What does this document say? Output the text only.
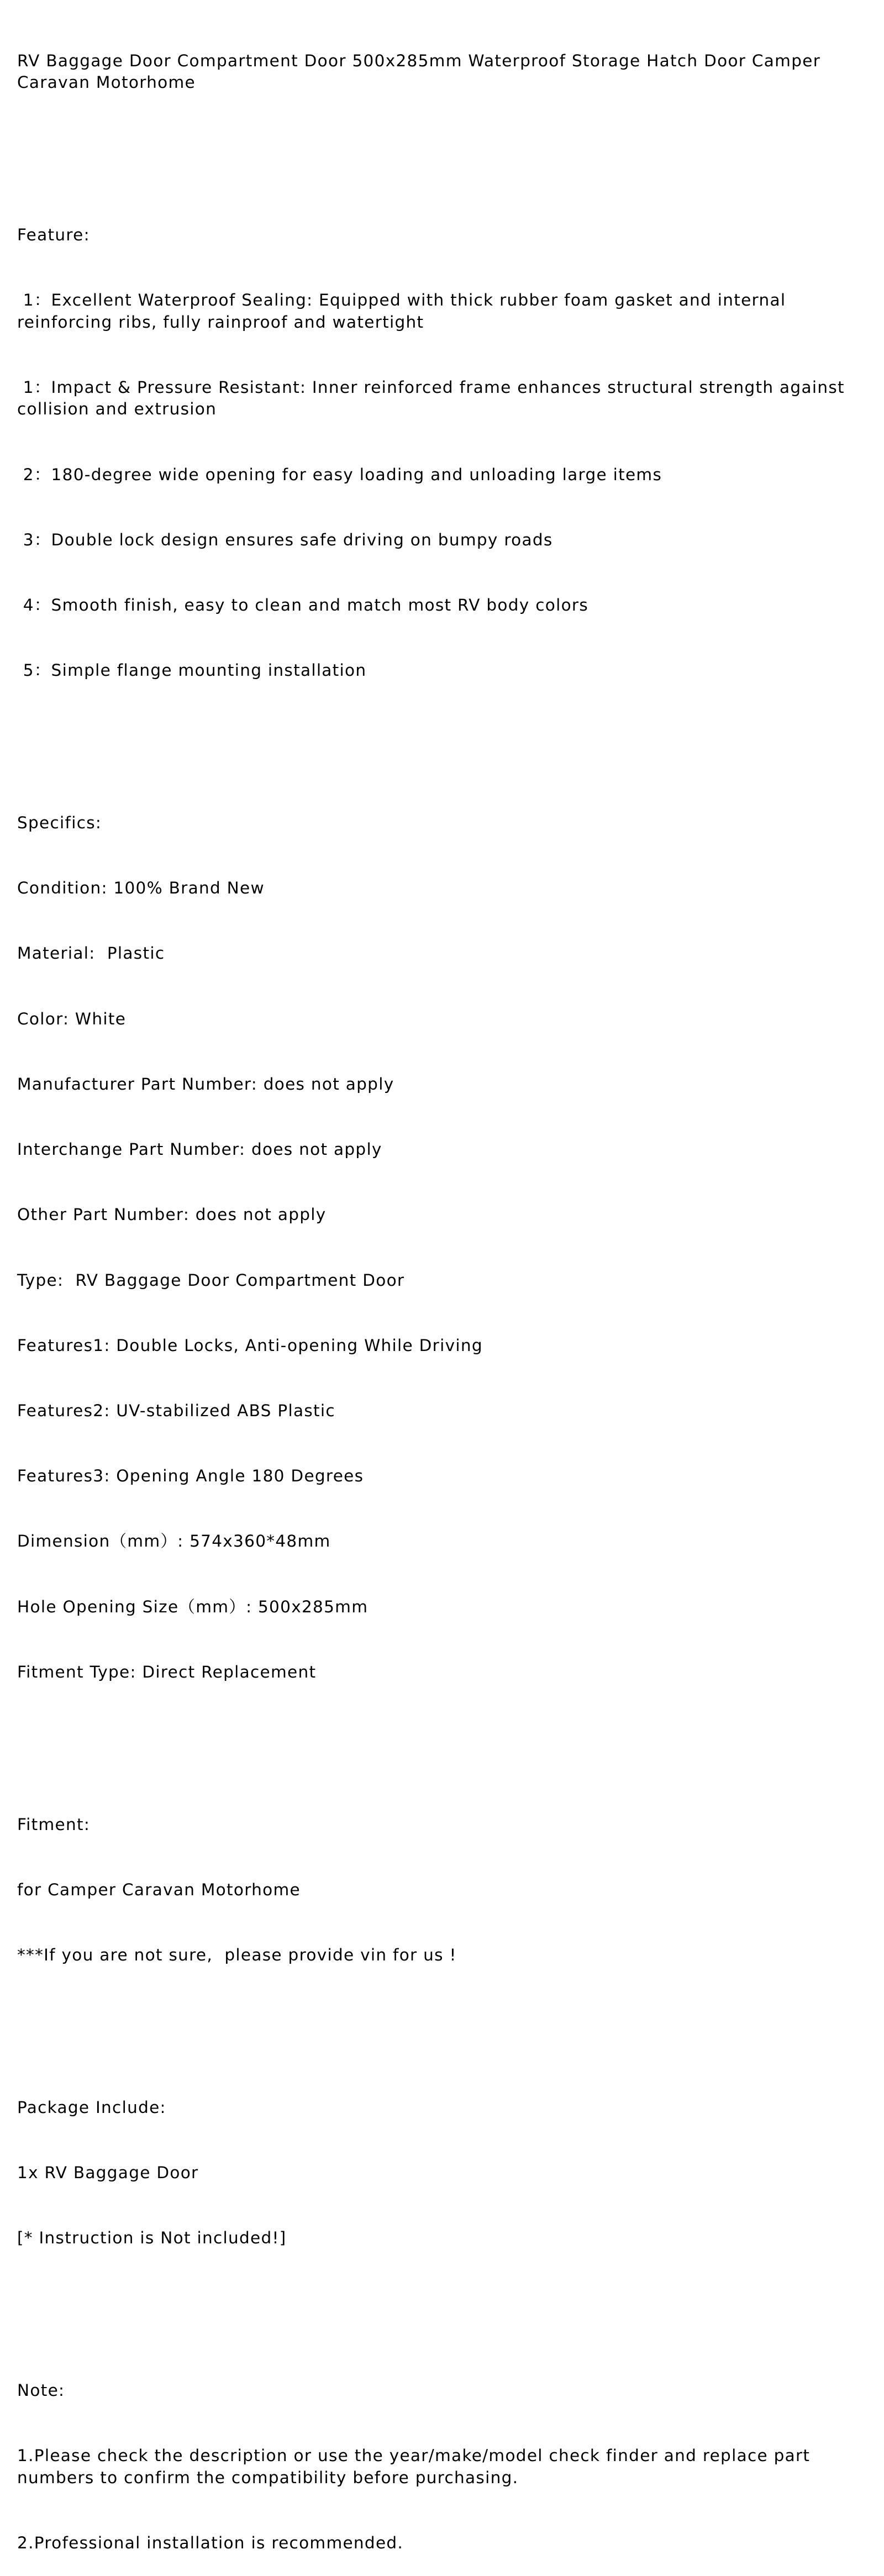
RV Baggage Door Compartment Door 500x285mm Waterproof Storage Hatch Door Camper Caravan Motorhome

Feature:

1：Excellent Waterproof Sealing: Equipped with thick rubber foam gasket and internal reinforcing ribs, fully rainproof and watertight

1：Impact & Pressure Resistant: Inner reinforced frame enhances structural strength against collision and extrusion

2：180-degree wide opening for easy loading and unloading large items

3：Double lock design ensures safe driving on bumpy roads

4：Smooth finish, easy to clean and match most RV body colors

5：Simple flange mounting installation

Specifics:

Condition: 100% Brand New

Material:  Plastic

Color: White

Manufacturer Part Number: does not apply

Interchange Part Number: does not apply

Other Part Number: does not apply

Type:  RV Baggage Door Compartment Door

Features1: Double Locks, Anti-opening While Driving

Features2: UV-stabilized ABS Plastic

Features3: Opening Angle 180 Degrees

Dimension（mm）: 574x360*48mm

Hole Opening Size（mm）: 500x285mm

Fitment Type: Direct Replacement

Fitment:

for Camper Caravan Motorhome

***If you are not sure,  please provide vin for us !

Package Include:

1x RV Baggage Door

[* Instruction is Not included!]

Note:

1.Please check the description or use the year/make/model check finder and replace part numbers to confirm the compatibility before purchasing.

2.Professional installation is recommended.
